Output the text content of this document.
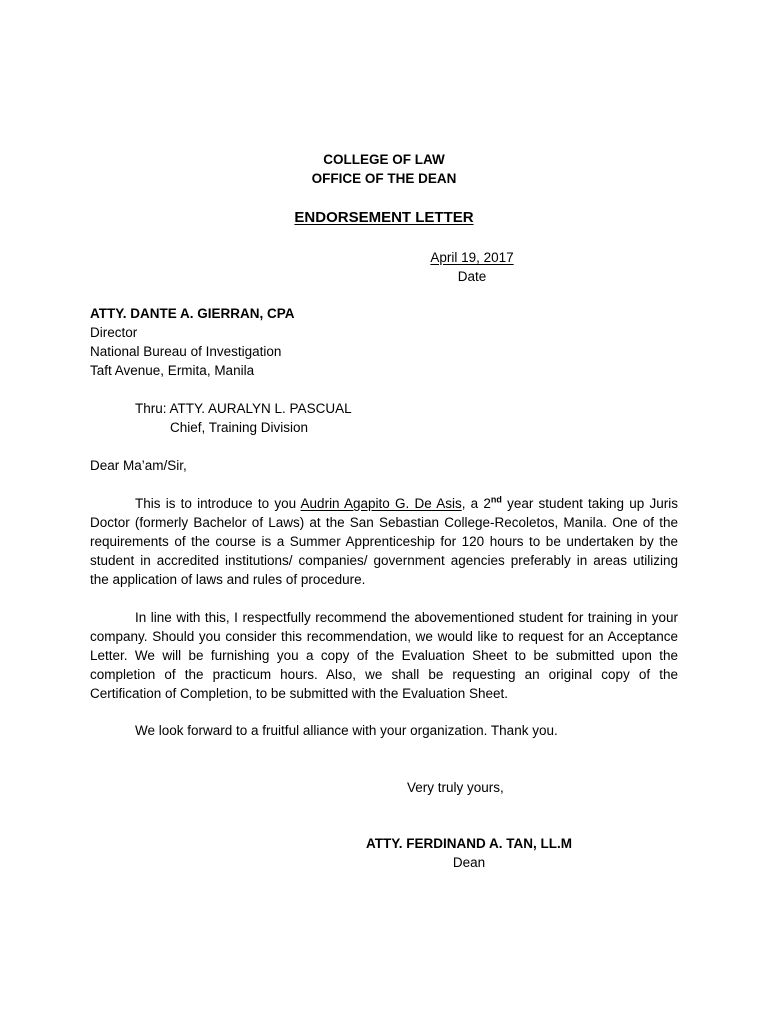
COLLEGE OF LAW
OFFICE OF THE DEAN
ENDORSEMENT LETTER
April 19, 2017
Date
ATTY. DANTE A. GIERRAN, CPA
Director
National Bureau of Investigation
Taft Avenue, Ermita, Manila
Thru: ATTY. AURALYN L. PASCUAL
Chief, Training Division
Dear Ma’am/Sir,
This is to introduce to you Audrin Agapito G. De Asis, a 2nd year student taking up Juris Doctor (formerly Bachelor of Laws) at the San Sebastian College-Recoletos, Manila. One of the requirements of the course is a Summer Apprenticeship for 120 hours to be undertaken by the student in accredited institutions/ companies/ government agencies preferably in areas utilizing the application of laws and rules of procedure.
In line with this, I respectfully recommend the abovementioned student for training in your company. Should you consider this recommendation, we would like to request for an Acceptance Letter. We will be furnishing you a copy of the Evaluation Sheet to be submitted upon the completion of the practicum hours. Also, we shall be requesting an original copy of the Certification of Completion, to be submitted with the Evaluation Sheet.
We look forward to a fruitful alliance with your organization. Thank you.
Very truly yours,
ATTY. FERDINAND A. TAN, LL.M
Dean
